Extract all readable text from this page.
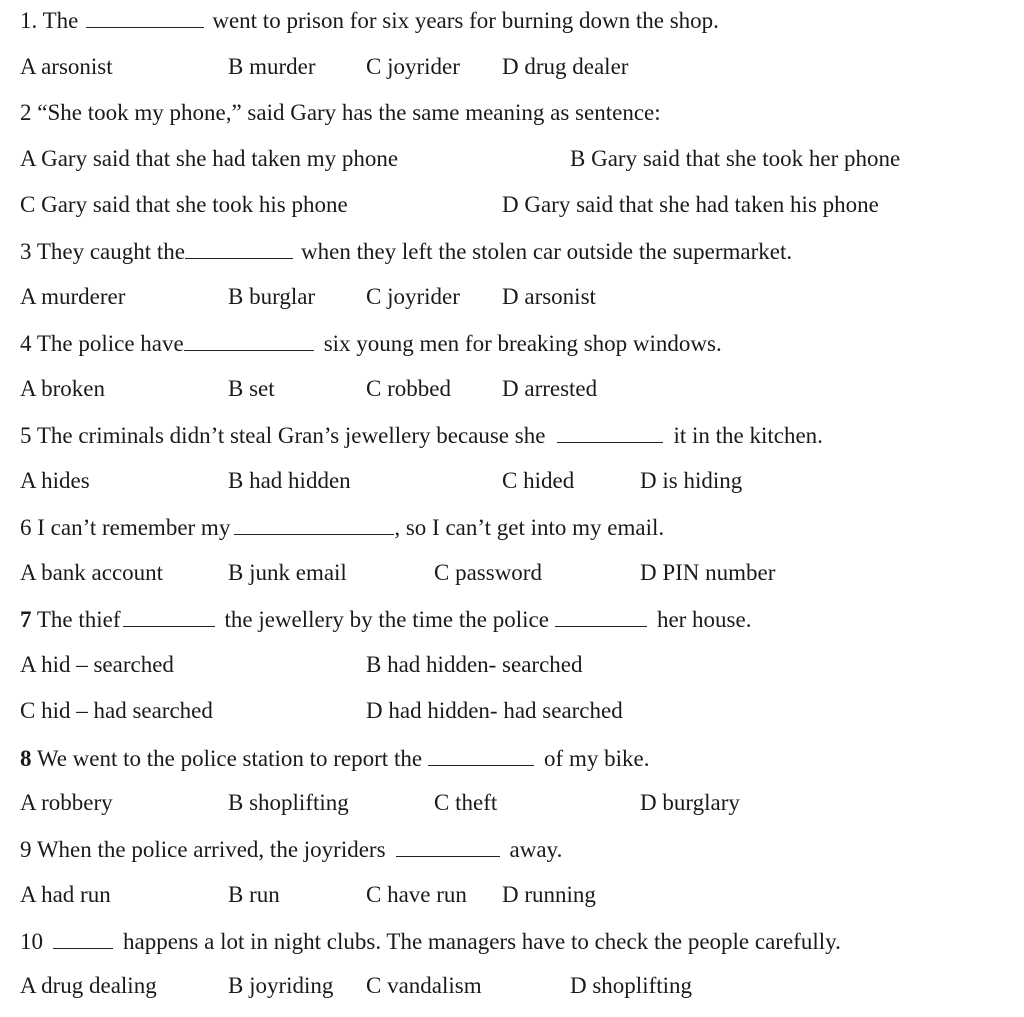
1. The	went to prison for six years for burning down the shop.
A arsonist	B murder C joyrider D drug dealer
2 “She took my phone,” said Gary has the same meaning as sentence:
A Gary said that she had taken my phone	B Gary said that she took her phone
C Gary said that she took his phone	D Gary said that she had taken his phone
3 They caught the	when they left the stolen car outside the supermarket.
A murderer	B burglar C joyrider D arsonist
4 The police have	six young men for breaking shop windows.
A broken	B set	C robbed D arrested
5 The criminals didn’t steal Gran’s jewellery because she	it in the kitchen.
A hides	B had hidden	C hided	D is hiding
6 I can’t remember my	, so I can’t get into my email.
A bank account	B junk email	C password	D PIN number
7 The thief	the jewellery by the time the police	her house.
A hid – searched	B had hidden- searched
C hid – had searched	D had hidden- had searched
8 We went to the police station to report the	of my bike.
A robbery	B shoplifting	C theft	D burglary
9 When the police arrived, the joyriders	away.
A had run	B run	C have run D running
10	happens a lot in night clubs. The managers have to check the people carefully.
A drug dealing	B joyriding C vandalism	D shoplifting
